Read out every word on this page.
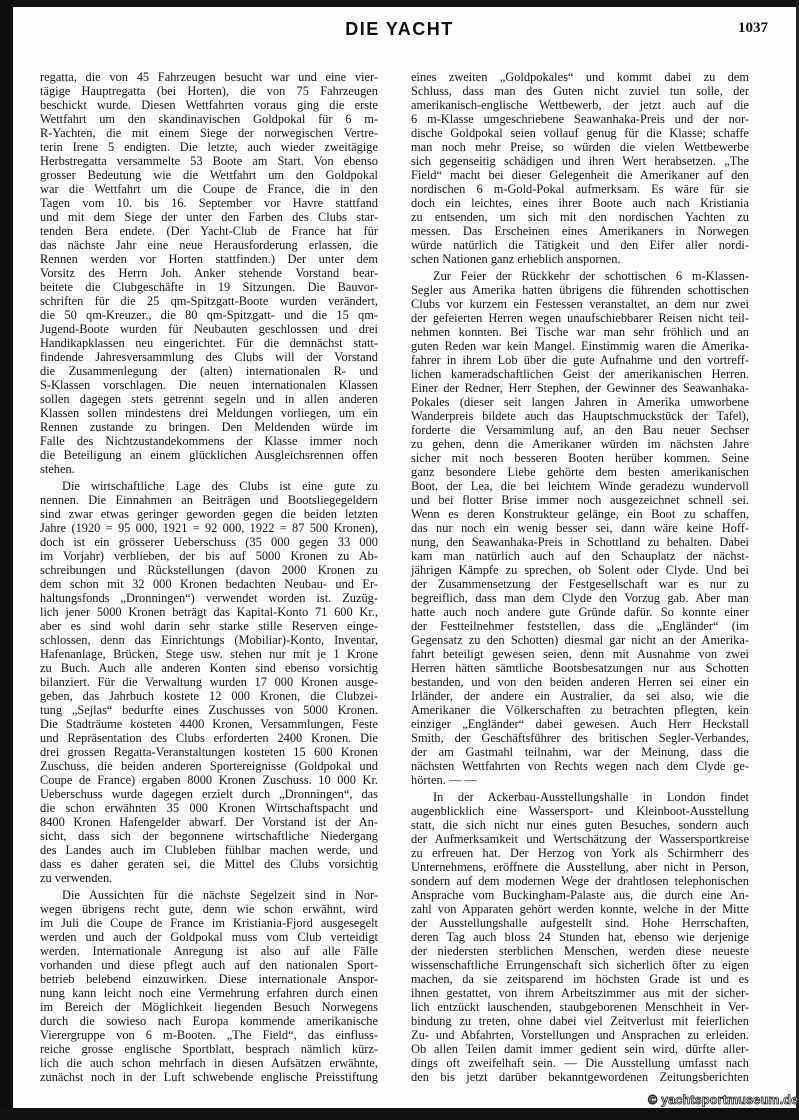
DIE YACHT	1037
regatta, die von 45 Fahrzeugen besucht war und eine vier-
tägige Hauptregatta (bei Horten), die von 75 Fahrzeugen
beschickt wurde. Diesen Wettfahrten voraus ging die erste
Wettfahrt um den skandinavischen Goldpokal für 6 m-
R-Yachten, die mit einem Siege der norwegischen Vertre-
terin Irene 5 endigten. Die letzte, auch wieder zweitägige
Herbstregatta versammelte 53 Boote am Start. Von ebenso
grosser Bedeutung wie die Wettfahrt um den Goldpokal
war die Wettfahrt um die Coupe de France, die in den
Tagen vom 10. bis 16. September vor Havre stattfand
und mit dem Siege der unter den Farben des Clubs star-
tenden Bera endete. (Der Yacht-Club de France hat für
das nächste Jahr eine neue Herausforderung erlassen, die
Rennen werden vor Horten stattfinden.) Der unter dem
Vorsitz des Herrn Joh. Anker stehende Vorstand bear-
beitete die Clubgeschäfte in 19 Sitzungen. Die Bauvor-
schriften für die 25 qm-Spitzgatt-Boote wurden verändert,
die 50 qm-Kreuzer., die 80 qm-Spitzgatt- und die 15 qm-
Jugend-Boote wurden für Neubauten geschlossen und drei
Handikapklassen neu eingerichtet. Für die demnächst statt-
findende Jahresversammlung des Clubs will der Vorstand
die Zusammenlegung der (alten) internationalen R- und
S-Klassen vorschlagen. Die neuen internationalen Klassen
sollen dagegen stets getrennt segeln und in allen anderen
Klassen sollen mindestens drei Meldungen vorliegen, um ein
Rennen zustande zu bringen. Den Meldenden würde im
Falle des Nichtzustandekommens der Klasse immer noch
die Beteiligung an einem glücklichen Ausgleichsrennen offen
stehen.
Die wirtschaftliche Lage des Clubs ist eine gute zu
nennen. Die Einnahmen an Beiträgen und Bootsliegegeldern
sind zwar etwas geringer geworden gegen die beiden letzten
Jahre (1920 = 95 000, 1921 = 92 000, 1922 = 87 500 Kronen),
doch ist ein grösserer Ueberschuss (35 000 gegen 33 000
im Vorjahr) verblieben, der bis auf 5000 Kronen zu Ab-
schreibungen und Rückstellungen (davon 2000 Kronen zu
dem schon mit 32 000 Kronen bedachten Neubau- und Er-
haltungsfonds „Dronningen“) verwendet worden ist. Zuzüg-
lich jener 5000 Kronen beträgt das Kapital-Konto 71 600 Kr.,
aber es sind wohl darin sehr starke stille Reserven einge-
schlossen, denn das Einrichtungs (Mobiliar)-Konto, Inventar,
Hafenanlage, Brücken, Stege usw. stehen nur mit je 1 Krone
zu Buch. Auch alle anderen Konten sind ebenso vorsichtig
bilanziert. Für die Verwaltung wurden 17 000 Kronen ausge-
geben, das Jahrbuch kostete 12 000 Kronen, die Clubzei-
tung „Sejlas“ bedurfte eines Zuschusses von 5000 Kronen.
Die Stadträume kosteten 4400 Kronen, Versammlungen, Feste
und Repräsentation des Clubs erforderten 2400 Kronen. Die
drei grossen Regatta-Veranstaltungen kosteten 15 600 Kronen
Zuschuss, die beiden anderen Sportereignisse (Goldpokal und
Coupe de France) ergaben 8000 Kronen Zuschuss. 10 000 Kr.
Ueberschuss wurde dagegen erzielt durch „Dronningen“, das
die schon erwähnten 35 000 Kronen Wirtschaftspacht und
8400 Kronen Hafengelder abwarf. Der Vorstand ist der An-
sicht, dass sich der begonnene wirtschaftliche Niedergang
des Landes auch im Clubleben fühlbar machen werde, und
dass es daher geraten sei, die Mittel des Clubs vorsichtig
zu verwenden.
Die Aussichten für die nächste Segelzeit sind in Nor-
wegen übrigens recht gute, denn wie schon erwähnt, wird
im Juli die Coupe de France im Kristiania-Fjord ausgesegelt
werden und auch der Goldpokal muss vom Club verteidigt
werden. Internationale Anregung ist also auf alle Fälle
vorhanden und diese pflegt auch auf den nationalen Sport-
betrieb belebend einzuwirken. Diese internationale Anspor-
nung kann leicht noch eine Vermehrung erfahren durch einen
im Bereich der Möglichkeit liegenden Besuch Norwegens
durch die sowieso nach Europa kommende amerikanische
Vierergruppe von 6 m-Booten. „The Field“, das einfluss-
reiche grosse englische Sportblatt, besprach nämlich kürz-
lich die auch schon mehrfach in diesen Aufsätzen erwähnte,
zunächst noch in der Luft schwebende englische Preisstiftung
eines zweiten „Goldpokales“ und kommt dabei zu dem
Schluss, dass man des Guten nicht zuviel tun solle, der
amerikanisch-englische Wettbewerb, der jetzt auch auf die
6 m-Klasse umgeschriebene Seawanhaka-Preis und der nor-
dische Goldpokal seien vollauf genug für die Klasse; schaffe
man noch mehr Preise, so würden die vielen Wettbewerbe
sich gegenseitig schädigen und ihren Wert herabsetzen. „The
Field“ macht bei dieser Gelegenheit die Amerikaner auf den
nordischen 6 m-Gold-Pokal aufmerksam. Es wäre für sie
doch ein leichtes, eines ihrer Boote auch nach Kristiania
zu entsenden, um sich mit den nordischen Yachten zu
messen. Das Erscheinen eines Amerikaners in Norwegen
würde natürlich die Tätigkeit und den Eifer aller nordi-
schen Nationen ganz erheblich anspornen.
Zur Feier der Rückkehr der schottischen 6 m-Klassen-
Segler aus Amerika hatten übrigens die führenden schottischen
Clubs vor kurzem ein Festessen veranstaltet, an dem nur zwei
der gefeierten Herren wegen unaufschiebbarer Reisen nicht teil-
nehmen konnten. Bei Tische war man sehr fröhlich und an
guten Reden war kein Mangel. Einstimmig waren die Amerika-
fahrer in ihrem Lob über die gute Aufnahme und den vortreff-
lichen kameradschaftlichen Geist der amerikanischen Herren.
Einer der Redner, Herr Stephen, der Gewinner des Seawanhaka-
Pokales (dieser seit langen Jahren in Amerika umworbene
Wanderpreis bildete auch das Hauptschmuckstück der Tafel),
forderte die Versammlung auf, an den Bau neuer Sechser
zu gehen, denn die Amerikaner würden im nächsten Jahre
sicher mit noch besseren Booten herüber kommen. Seine
ganz besondere Liebe gehörte dem besten amerikanischen
Boot, der Lea, die bei leichtem Winde geradezu wundervoll
und bei flotter Brise immer noch ausgezeichnet schnell sei.
Wenn es deren Konstrukteur gelänge, ein Boot zu schaffen,
das nur noch ein wenig besser sei, dann wäre keine Hoff-
nung, den Seawanhaka-Preis in Schottland zu behalten. Dabei
kam man natürlich auch auf den Schauplatz der nächst-
jährigen Kämpfe zu sprechen, ob Solent oder Clyde. Und bei
der Zusammensetzung der Festgesellschaft war es nur zu
begreiflich, dass man dem Clyde den Vorzug gab. Aber man
hatte auch noch andere gute Gründe dafür. So konnte einer
der Festteilnehmer feststellen, dass die „Engländer“ (im
Gegensatz zu den Schotten) diesmal gar nicht an der Amerika-
fahrt beteiligt gewesen seien, denn mit Ausnahme von zwei
Herren hätten sämtliche Bootsbesatzungen nur aus Schotten
bestanden, und von den beiden anderen Herren sei einer ein
Irländer, der andere ein Australier, da sei also, wie die
Amerikaner die Völkerschaften zu betrachten pflegten, kein
einziger „Engländer“ dabei gewesen. Auch Herr Heckstall
Smith, der Geschäftsführer des britischen Segler-Verbandes,
der am Gastmahl teilnahm, war der Meinung, dass die
nächsten Wettfahrten von Rechts wegen nach dem Clyde ge-
hörten. — —
In der Ackerbau-Ausstellungshalle in London findet
augenblicklich eine Wassersport- und Kleinboot-Ausstellung
statt, die sich nicht nur eines guten Besuches, sondern auch
der Aufmerksamkeit und Wertschätzung der Wassersportkreise
zu erfreuen hat. Der Herzog von York als Schirmherr des
Unternehmens, eröffnete die Ausstellung, aber nicht in Person,
sondern auf dem modernen Wege der drahtlosen telephonischen
Ansprache vom Buckingham-Palaste aus, die durch eine An-
zahl von Apparaten gehört werden konnte, welche in der Mitte
der Ausstellungshalle aufgestellt sind. Hohe Herrschaften,
deren Tag auch bloss 24 Stunden hat, ebenso wie derjenige
der niedersten sterblichen Menschen, werden diese neueste
wissenschaftliche Errungenschaft sich sicherlich öfter zu eigen
machen, da sie zeitsparend im höchsten Grade ist und es
ihnen gestattet, von ihrem Arbeitszimmer aus mit der sicher-
lich entzückt lauschenden, staubgeborenen Menschheit in Ver-
bindung zu treten, ohne dabei viel Zeitverlust mit feierlichen
Zu- und Abfahrten, Vorstellungen und Ansprachen zu erleiden.
Ob allen Teilen damit immer gedient sein wird, dürfte aller-
dings oft zweifelhaft sein. — Die Ausstellung umfasst nach
den bis jetzt darüber bekanntgewordenen Zeitungsberichten
© yachtsportmuseum.de
